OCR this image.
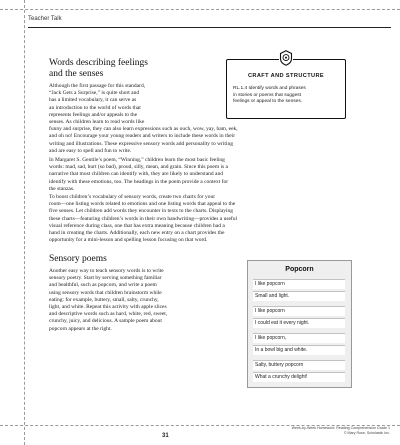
Teacher Talk
Words describing feelings
and the senses
Although the first passage for this standard,
“Jack Gets a Surprise,” is quite short and
has a limited vocabulary, it can serve as
an introduction to the world of words that
represents feelings and/or appeals to the
senses. As children learn to read words like
funny and surprise, they can also learn expressions such as ouch, wow, yay, bam, eek,
and oh no! Encourage your young readers and writers to include these words in their
writing and illustrations. These expressive sensory words add personality to writing
and are easy to spell and fun to write.
CRAFT AND STRUCTURE
RL.1.4 Identify words and phrases
in stories or poems that suggest
feelings or appeal to the senses.
In Margaret S. Gentile’s poem, “Winning,” children learn the most basic feeling
words: mad, sad, hurt (so bad), proud, silly, mean, and grain. Since this poem is a
narrative that most children can identify with, they are likely to understand and
identify with these emotions, too. The headings in the poem provide a context for
the stanzas.
To boost children’s vocabulary of sensory words, create two charts for your
room—one listing words related to emotions and one listing words that appeal to the
five senses. Let children add words they encounter in texts to the charts. Displaying
these charts—featuring children’s words in their own handwriting—provides a useful
visual reference during class, one that has extra meaning because children had a
hand in creating the charts. Additionally, each new entry on a chart provides the
opportunity for a mini-lesson and spelling lesson focusing on that word.
Sensory poems
Another easy way to teach sensory words is to write
sensory poetry. Start by serving something familiar
and healthful, such as popcorn, and write a poem
using sensory words that children brainstorm while
eating: for example, buttery, small, salty, crunchy,
light, and white. Repeat this activity with apple slices
and descriptive words such as hard, white, red, sweet,
crunchy, juicy, and delicious. A sample poem about
popcorn appears at the right.
Popcorn
I like popcorn
Small and light.
I like popcorn
I could eat it every night.
I like popcorn,
In a bowl big and white.
Salty, buttery popcorn
What a crunchy delight!
31
Week-by-Week Homework: Reading Comprehension Grade 1
© Mary Rose, Scholastic Inc.
